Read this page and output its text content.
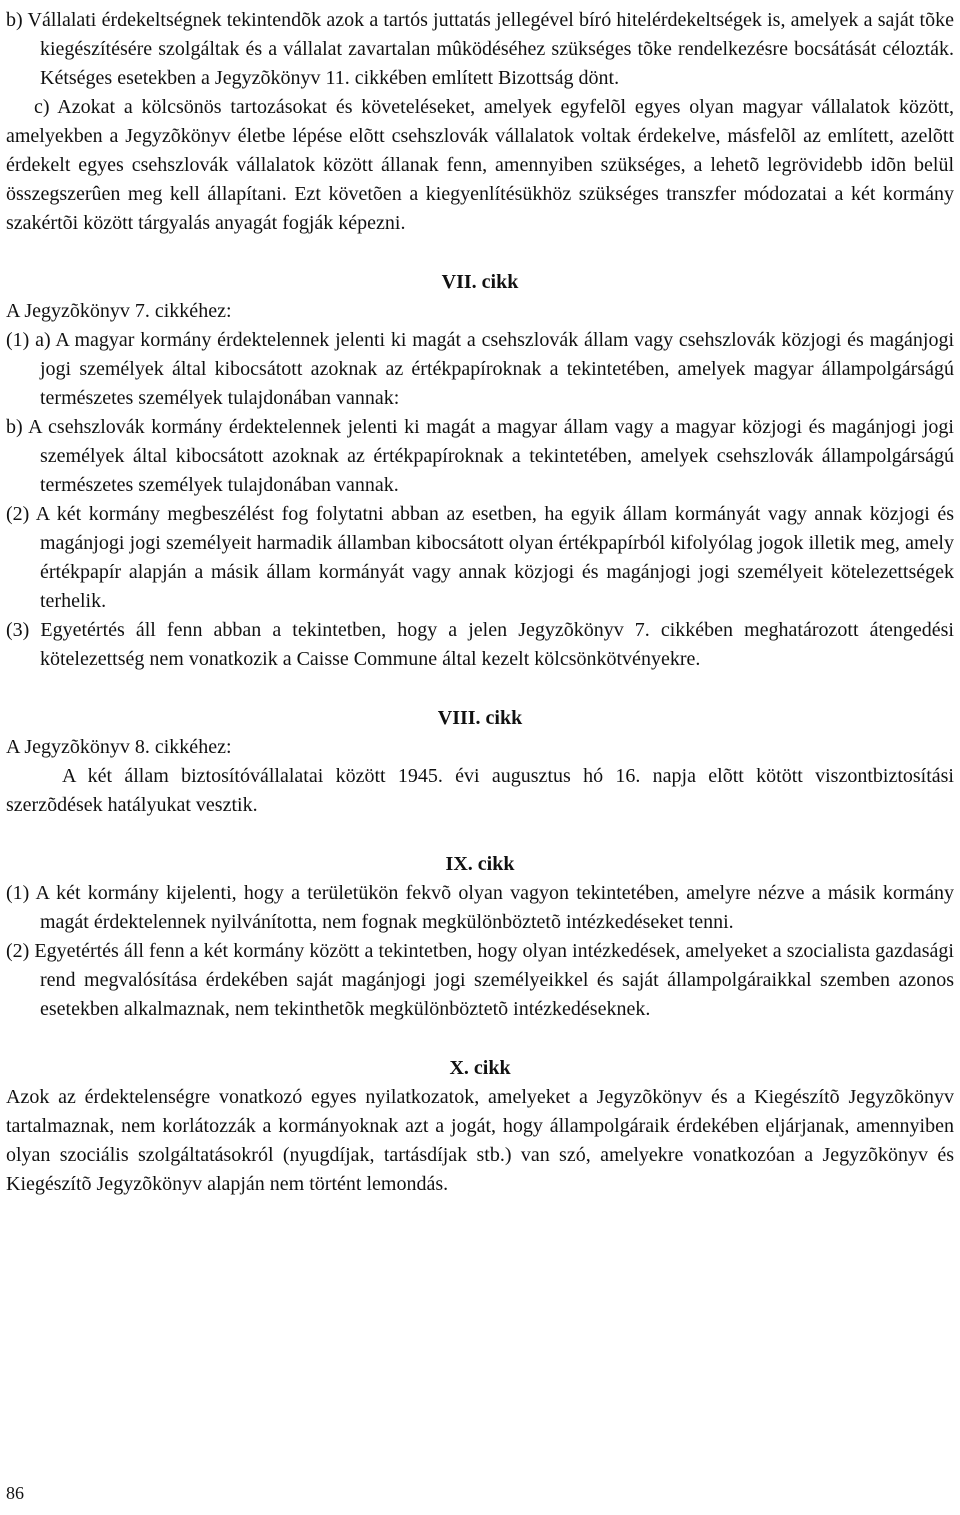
b) Vállalati érdekeltségnek tekintendõk azok a tartós juttatás jellegével bíró hitelérdekeltségek is, amelyek a saját tõke kiegészítésére szolgáltak és a vállalat zavartalan mûködéséhez szükséges tõke rendelkezésre bocsátását célozták. Kétséges esetekben a Jegyzõkönyv 11. cikkében említett Bizottság dönt.

c) Azokat a kölcsönös tartozásokat és követeléseket, amelyek egyfelõl egyes olyan magyar vállalatok között, amelyekben a Jegyzõkönyv életbe lépése elõtt csehszlovák vállalatok voltak érdekelve, másfelõl az említett, azelõtt érdekelt egyes csehszlovák vállalatok között állanak fenn, amennyiben szükséges, a lehetõ legrövidebb idõn belül összegszerûen meg kell állapítani. Ezt követõen a kiegyenlítésükhöz szükséges transzfer módozatai a két kormány szakértõi között tárgyalás anyagát fogják képezni.

VII. cikk

A Jegyzõkönyv 7. cikkéhez:

(1) a) A magyar kormány érdektelennek jelenti ki magát a csehszlovák állam vagy csehszlovák közjogi és magánjogi jogi személyek által kibocsátott azoknak az értékpapíroknak a tekintetében, amelyek magyar állampolgárságú természetes személyek tulajdonában vannak:

b) A csehszlovák kormány érdektelennek jelenti ki magát a magyar állam vagy a magyar közjogi és magánjogi jogi személyek által kibocsátott azoknak az értékpapíroknak a tekintetében, amelyek csehszlovák állampolgárságú természetes személyek tulajdonában vannak.

(2) A két kormány megbeszélést fog folytatni abban az esetben, ha egyik állam kormányát vagy annak közjogi és magánjogi jogi személyeit harmadik államban kibocsátott olyan értékpapírból kifolyólag jogok illetik meg, amely értékpapír alapján a másik állam kormányát vagy annak közjogi és magánjogi jogi személyeit kötelezettségek terhelik.

(3) Egyetértés áll fenn abban a tekintetben, hogy a jelen Jegyzõkönyv 7. cikkében meghatározott átengedési kötelezettség nem vonatkozik a Caisse Commune által kezelt kölcsönkötvényekre.

VIII. cikk

A Jegyzõkönyv 8. cikkéhez:

A két állam biztosítóvállalatai között 1945. évi augusztus hó 16. napja elõtt kötött viszontbiztosítási szerzõdések hatályukat vesztik.

IX. cikk

(1) A két kormány kijelenti, hogy a területükön fekvõ olyan vagyon tekintetében, amelyre nézve a másik kormány magát érdektelennek nyilvánította, nem fognak megkülönböztetõ intézkedéseket tenni.

(2) Egyetértés áll fenn a két kormány között a tekintetben, hogy olyan intézkedések, amelyeket a szocialista gazdasági rend megvalósítása érdekében saját magánjogi jogi személyeikkel és saját állampolgáraikkal szemben azonos esetekben alkalmaznak, nem tekinthetõk megkülönböztetõ intézkedéseknek.

X. cikk

Azok az érdektelenségre vonatkozó egyes nyilatkozatok, amelyeket a Jegyzõkönyv és a Kiegészítõ Jegyzõkönyv tartalmaznak, nem korlátozzák a kormányoknak azt a jogát, hogy állampolgáraik érdekében eljárjanak, amennyiben olyan szociális szolgáltatásokról (nyugdíjak, tartásdíjak stb.) van szó, amelyekre vonatkozóan a Jegyzõkönyv és Kiegészítõ Jegyzõkönyv alapján nem történt lemondás.

86
